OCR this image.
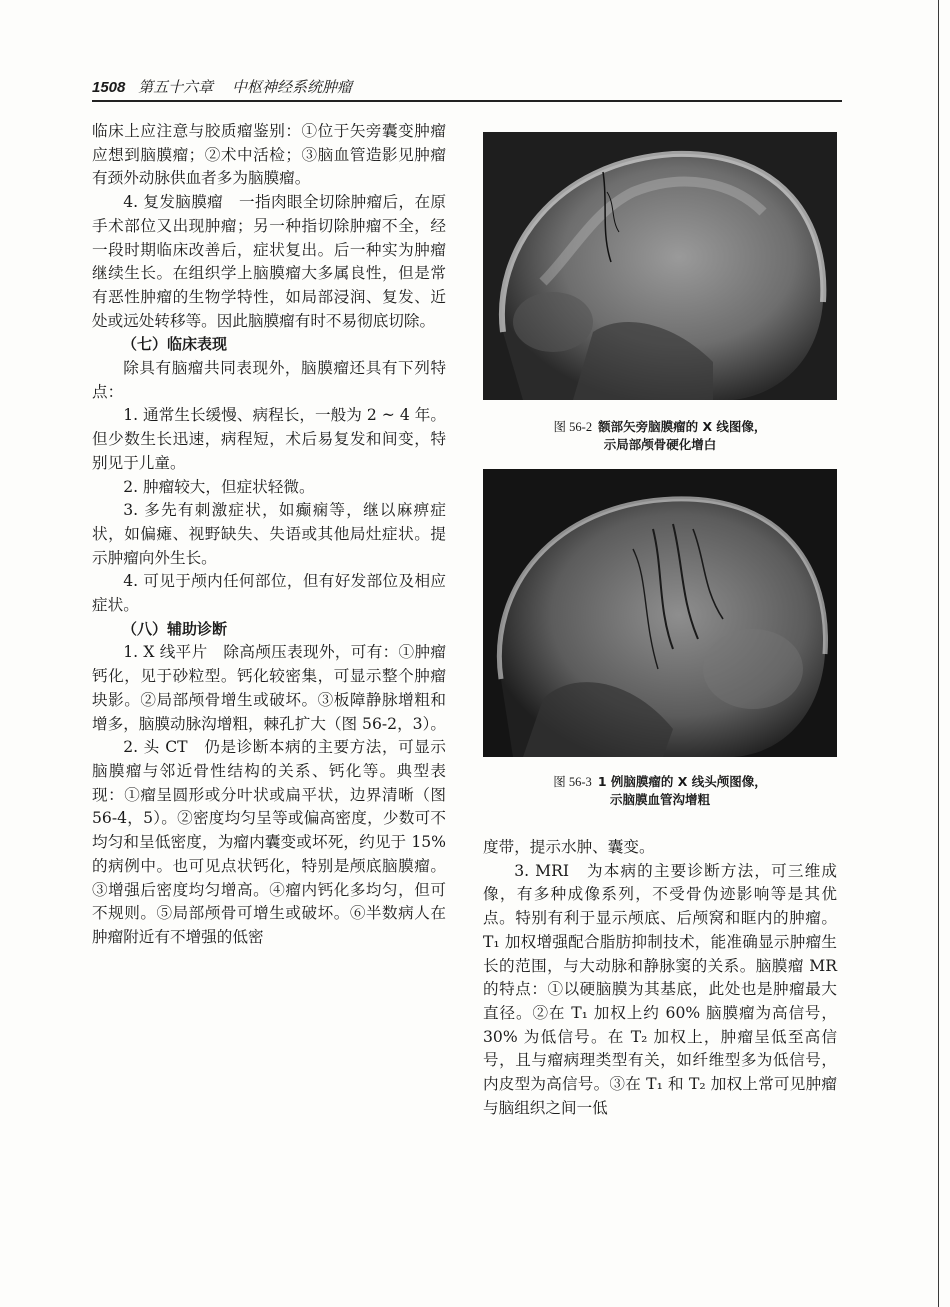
1508 第五十六章 中枢神经系统肿瘤

临床上应注意与胶质瘤鉴别：①位于矢旁囊变肿瘤应想到脑膜瘤；②术中活检；③脑血管造影见肿瘤有颈外动脉供血者多为脑膜瘤。

4. 复发脑膜瘤　一指肉眼全切除肿瘤后，在原手术部位又出现肿瘤；另一种指切除肿瘤不全，经一段时期临床改善后，症状复出。后一种实为肿瘤继续生长。在组织学上脑膜瘤大多属良性，但是常有恶性肿瘤的生物学特性，如局部浸润、复发、近处或远处转移等。因此脑膜瘤有时不易彻底切除。

（七）临床表现

除具有脑瘤共同表现外，脑膜瘤还具有下列特点：

1. 通常生长缓慢、病程长，一般为 2 ~ 4 年。但少数生长迅速，病程短，术后易复发和间变，特别见于儿童。

2. 肿瘤较大，但症状轻微。

3. 多先有刺激症状，如癫痫等，继以麻痹症状，如偏瘫、视野缺失、失语或其他局灶症状。提示肿瘤向外生长。

4. 可见于颅内任何部位，但有好发部位及相应症状。

（八）辅助诊断

1. X 线平片　除高颅压表现外，可有：①肿瘤钙化，见于砂粒型。钙化较密集，可显示整个肿瘤块影。②局部颅骨增生或破坏。③板障静脉增粗和增多，脑膜动脉沟增粗，棘孔扩大（图 56-2，3）。

2. 头 CT　仍是诊断本病的主要方法，可显示脑膜瘤与邻近骨性结构的关系、钙化等。典型表现：①瘤呈圆形或分叶状或扁平状，边界清晰（图 56-4，5）。②密度均匀呈等或偏高密度，少数可不均匀和呈低密度，为瘤内囊变或坏死，约见于 15% 的病例中。也可见点状钙化，特别是颅底脑膜瘤。③增强后密度均匀增高。④瘤内钙化多均匀，但可不规则。⑤局部颅骨可增生或破坏。⑥半数病人在肿瘤附近有不增强的低密

图 56-2 额部矢旁脑膜瘤的 X 线图像，
示局部颅骨硬化增白
图 56-3 1 例脑膜瘤的 X 线头颅图像，
示脑膜血管沟增粗

度带，提示水肿、囊变。

3. MRI　为本病的主要诊断方法，可三维成像，有多种成像系列，不受骨伪迹影响等是其优点。特别有利于显示颅底、后颅窝和眶内的肿瘤。T₁ 加权增强配合脂肪抑制技术，能准确显示肿瘤生长的范围，与大动脉和静脉窦的关系。脑膜瘤 MR 的特点：①以硬脑膜为其基底，此处也是肿瘤最大直径。②在 T₁ 加权上约 60% 脑膜瘤为高信号，30% 为低信号。在 T₂ 加权上，肿瘤呈低至高信号，且与瘤病理类型有关，如纤维型多为低信号，内皮型为高信号。③在 T₁ 和 T₂ 加权上常可见肿瘤与脑组织之间一低
